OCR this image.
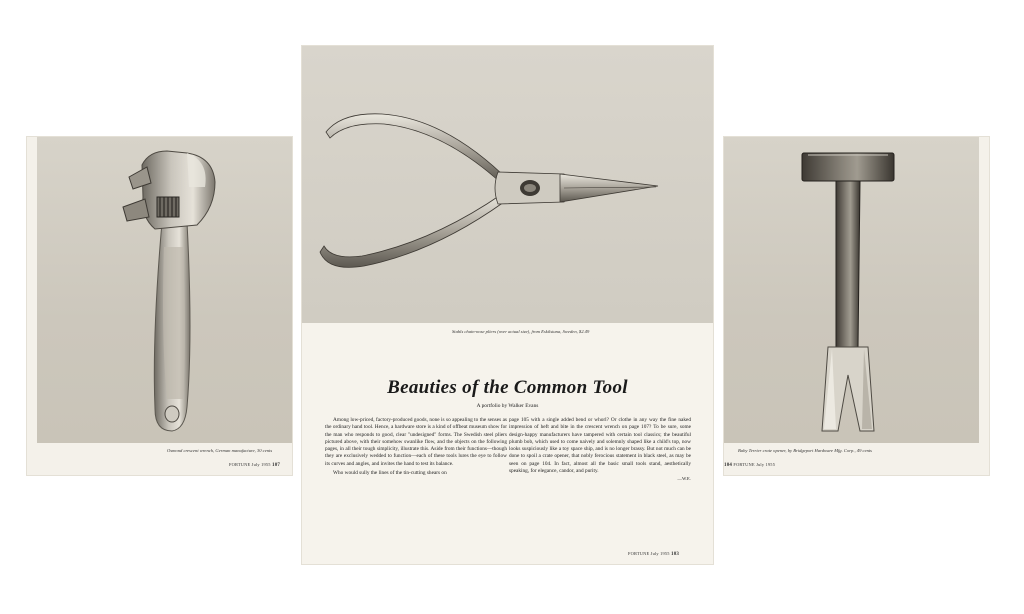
Osmond crescent wrench, German manufacture, 30 cents
FORTUNE July 1955 107
Stahls chain-nose pliers (over actual size), from Eskilstuna, Sweden, $2.49
Beauties of the Common Tool
A portfolio by Walker Evans

Among low-priced, factory-produced goods, none is so appealing to the senses as the ordinary hand tool. Hence, a hardware store is a kind of offbeat museum show for the man who responds to good, clear "undesigned" forms. The Swedish steel pliers pictured above, with their somehow swanlike flow, and the objects on the following pages, in all their tough simplicity, illustrate this. Aside from their functions—though they are exclusively wedded to function—each of these tools lures the eye to follow its curves and angles, and invites the hand to test its balance.

Who would sully the lines of the tin-cutting shears on

page 105 with a single added bend or whorl? Or clothe in any way the fine naked impression of heft and bite in the crescent wrench on page 107? To be sure, some design-happy manufacturers have tampered with certain tool classics; the beautiful plumb bob, which used to come naively and solemnly shaped like a child's top, now looks suspiciously like a toy space ship, and is no longer brassy. But not much can be done to spoil a crate opener, that nobly ferocious statement in black steel, as may be seen on page 104. In fact, almost all the basic small tools stand, aesthetically speaking, for elegance, candor, and purity.

—W.E.
FORTUNE July 1955 103
Baby Terrier crate opener, by Bridgeport Hardware Mfg. Corp., 49 cents
104 FORTUNE July 1955
